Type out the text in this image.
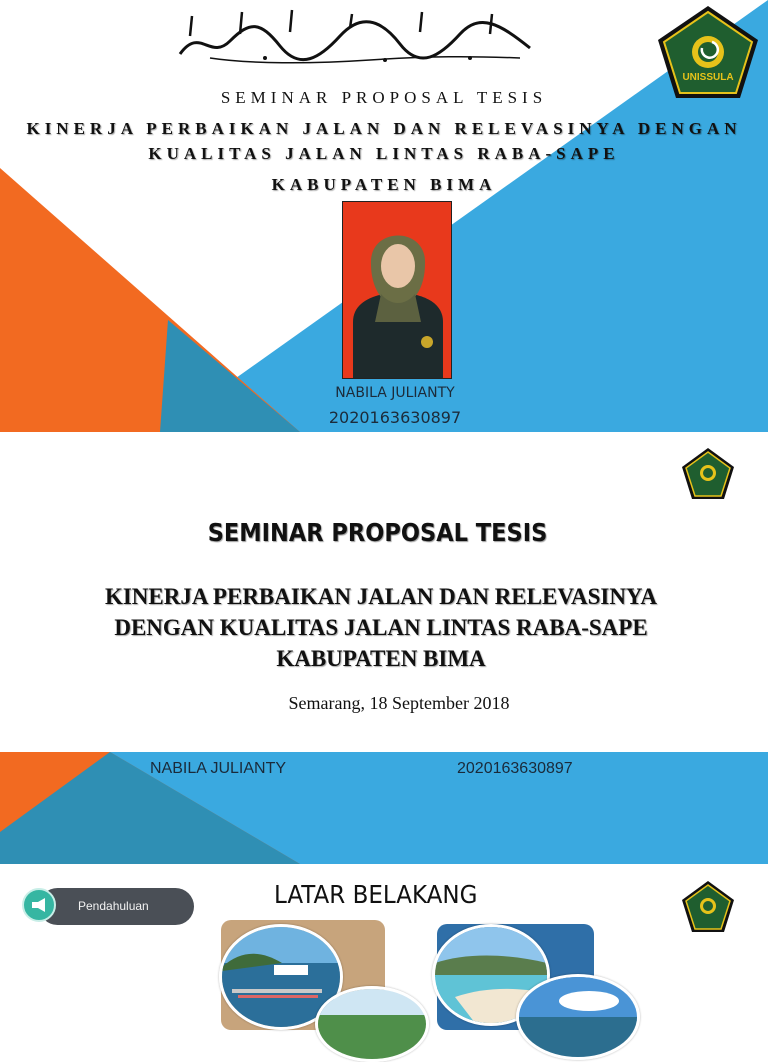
UNISSULA
SEMINAR PROPOSAL TESIS
KINERJA PERBAIKAN JALAN DAN RELEVASINYA DENGAN
KUALITAS JALAN LINTAS RABA-SAPE
KABUPATEN BIMA
NABILA JULIANTY
2020163630897
SEMINAR PROPOSAL TESIS
KINERJA PERBAIKAN JALAN DAN RELEVASINYA
DENGAN KUALITAS JALAN LINTAS RABA-SAPE
KABUPATEN BIMA
Semarang, 18 September 2018
NABILA JULIANTY	2020163630897
Pendahuluan	LATAR BELAKANG
